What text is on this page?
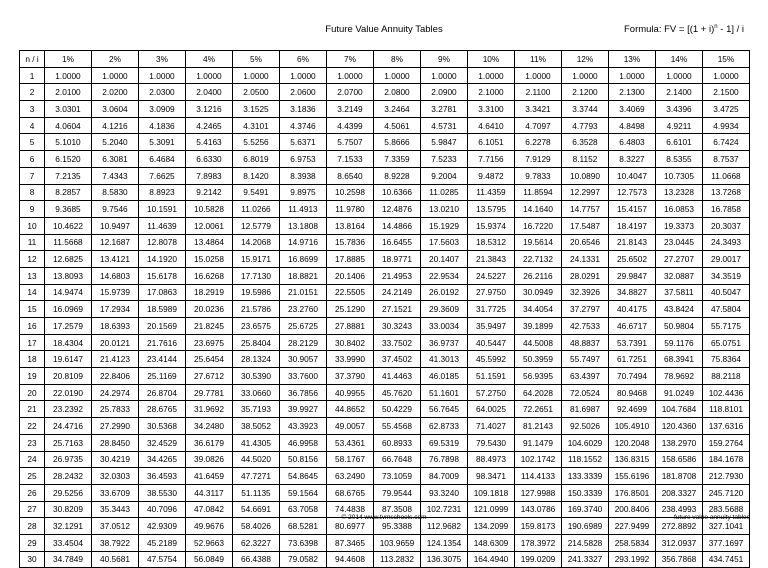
Future Value Annuity Tables	Formula: FV = $[(1 + i)^n - 1] / i$
n / i	1%	2%	3%	4%	5%	6%	7%	8%	9%	10%	11%	12%	13%	14%	15%
1	1.0000	1.0000	1.0000	1.0000	1.0000	1.0000	1.0000	1.0000	1.0000	1.0000	1.0000	1.0000	1.0000	1.0000	1.0000
2	2.0100	2.0200	2.0300	2.0400	2.0500	2.0600	2.0700	2.0800	2.0900	2.1000	2.1100	2.1200	2.1300	2.1400	2.1500
3	3.0301	3.0604	3.0909	3.1216	3.1525	3.1836	3.2149	3.2464	3.2781	3.3100	3.3421	3.3744	3.4069	3.4396	3.4725
4	4.0604	4.1216	4.1836	4.2465	4.3101	4.3746	4.4399	4.5061	4.5731	4.6410	4.7097	4.7793	4.8498	4.9211	4.9934
5	5.1010	5.2040	5.3091	5.4163	5.5256	5.6371	5.7507	5.8666	5.9847	6.1051	6.2278	6.3528	6.4803	6.6101	6.7424
6	6.1520	6.3081	6.4684	6.6330	6.8019	6.9753	7.1533	7.3359	7.5233	7.7156	7.9129	8.1152	8.3227	8.5355	8.7537
7	7.2135	7.4343	7.6625	7.8983	8.1420	8.3938	8.6540	8.9228	9.2004	9.4872	9.7833	10.0890	10.4047	10.7305	11.0668
8	8.2857	8.5830	8.8923	9.2142	9.5491	9.8975	10.2598	10.6366	11.0285	11.4359	11.8594	12.2997	12.7573	13.2328	13.7268
9	9.3685	9.7546	10.1591	10.5828	11.0266	11.4913	11.9780	12.4876	13.0210	13.5795	14.1640	14.7757	15.4157	16.0853	16.7858
10	10.4622	10.9497	11.4639	12.0061	12.5779	13.1808	13.8164	14.4866	15.1929	15.9374	16.7220	17.5487	18.4197	19.3373	20.3037
11	11.5668	12.1687	12.8078	13.4864	14.2068	14.9716	15.7836	16.6455	17.5603	18.5312	19.5614	20.6546	21.8143	23.0445	24.3493
12	12.6825	13.4121	14.1920	15.0258	15.9171	16.8699	17.8885	18.9771	20.1407	21.3843	22.7132	24.1331	25.6502	27.2707	29.0017
13	13.8093	14.6803	15.6178	16.6268	17.7130	18.8821	20.1406	21.4953	22.9534	24.5227	26.2116	28.0291	29.9847	32.0887	34.3519
14	14.9474	15.9739	17.0863	18.2919	19.5986	21.0151	22.5505	24.2149	26.0192	27.9750	30.0949	32.3926	34.8827	37.5811	40.5047
15	16.0969	17.2934	18.5989	20.0236	21.5786	23.2760	25.1290	27.1521	29.3609	31.7725	34.4054	37.2797	40.4175	43.8424	47.5804
16	17.2579	18.6393	20.1569	21.8245	23.6575	25.6725	27.8881	30.3243	33.0034	35.9497	39.1899	42.7533	46.6717	50.9804	55.7175
17	18.4304	20.0121	21.7616	23.6975	25.8404	28.2129	30.8402	33.7502	36.9737	40.5447	44.5008	48.8837	53.7391	59.1176	65.0751
18	19.6147	21.4123	23.4144	25.6454	28.1324	30.9057	33.9990	37.4502	41.3013	45.5992	50.3959	55.7497	61.7251	68.3941	75.8364
19	20.8109	22.8406	25.1169	27.6712	30.5390	33.7600	37.3790	41.4463	46.0185	51.1591	56.9395	63.4397	70.7494	78.9692	88.2118
20	22.0190	24.2974	26.8704	29.7781	33.0660	36.7856	40.9955	45.7620	51.1601	57.2750	64.2028	72.0524	80.9468	91.0249	102.4436
21	23.2392	25.7833	28.6765	31.9692	35.7193	39.9927	44.8652	50.4229	56.7645	64.0025	72.2651	81.6987	92.4699	104.7684	118.8101
22	24.4716	27.2990	30.5368	34.2480	38.5052	43.3923	49.0057	55.4568	62.8733	71.4027	81.2143	92.5026	105.4910	120.4360	137.6316
23	25.7163	28.8450	32.4529	36.6179	41.4305	46.9958	53.4361	60.8933	69.5319	79.5430	91.1479	104.6029	120.2048	138.2970	159.2764
24	26.9735	30.4219	34.4265	39.0826	44.5020	50.8156	58.1767	66.7648	76.7898	88.4973	102.1742	118.1552	136.8315	158.6586	184.1678
25	28.2432	32.0303	36.4593	41.6459	47.7271	54.8645	63.2490	73.1059	84.7009	98.3471	114.4133	133.3339	155.6196	181.8708	212.7930
26	29.5256	33.6709	38.5530	44.3117	51.1135	59.1564	68.6765	79.9544	93.3240	109.1818	127.9988	150.3339	176.8501	208.3327	245.7120
27	30.8209	35.3443	40.7096	47.0842	54.6691	63.7058	74.4838	87.3508	102.7231	121.0999	143.0786	169.3740	200.8406	238.4993	283.5688
28	32.1291	37.0512	42.9309	49.9676	58.4026	68.5281	80.6977	95.3388	112.9682	134.2099	159.8173	190.6989	227.9499	272.8892	327.1041
29	33.4504	38.7922	45.2189	52.9663	62.3227	73.6398	87.3465	103.9659	124.1354	148.6309	178.3972	214.5828	258.5834	312.0937	377.1697
30	34.7849	40.5681	47.5754	56.0849	66.4388	79.0582	94.4608	113.2832	136.3075	164.4940	199.0209	241.3327	293.1992	356.7868	434.7451
© 2014 www.tvmschools.com	future value annuity tables
